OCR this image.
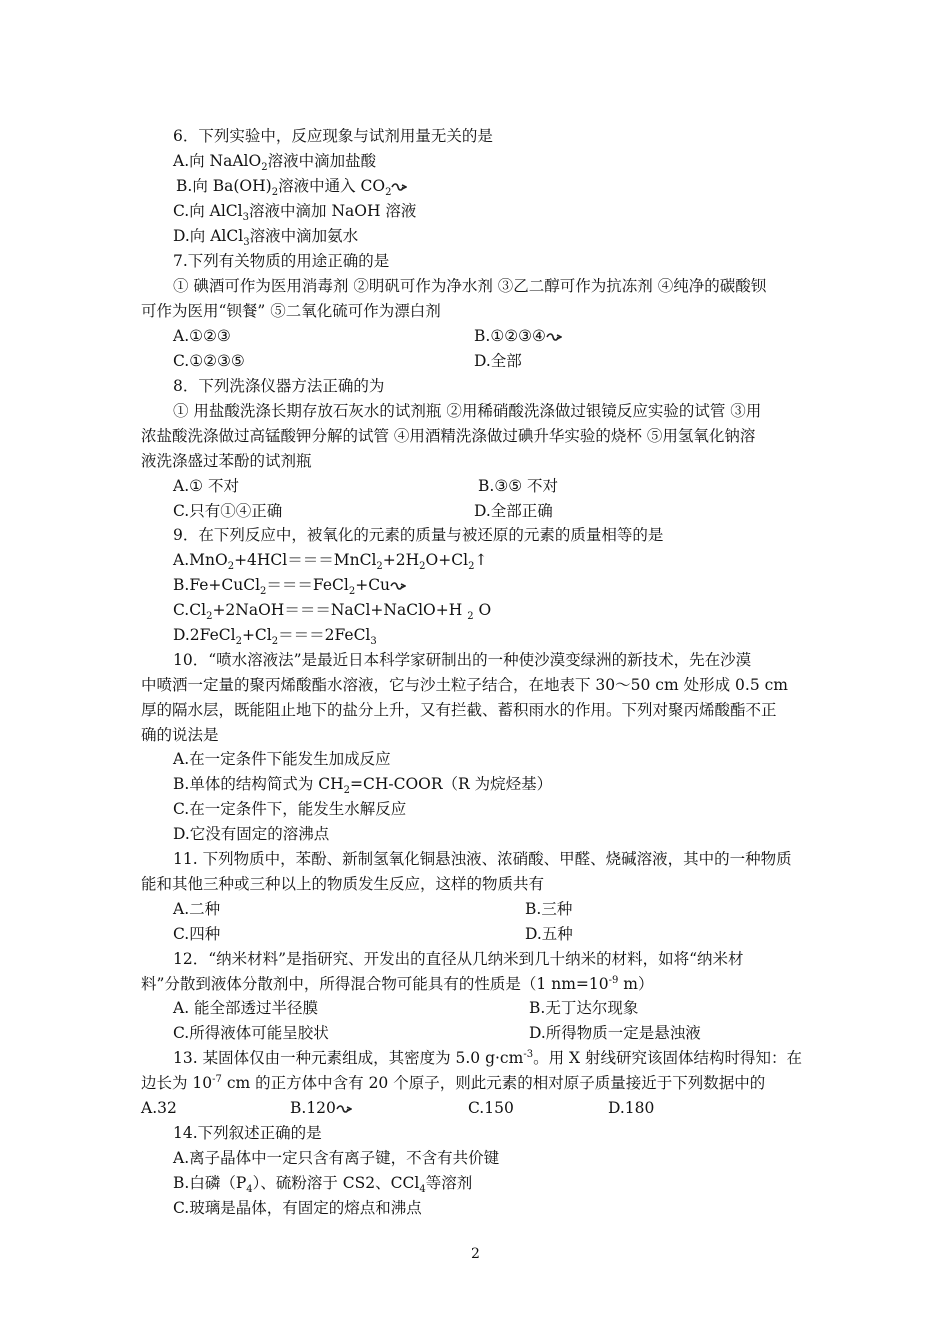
6．下列实验中，反应现象与试剂用量无关的是
A.向 NaAlO$_2$溶液中滴加盐酸
B.向 $Ba(OH)_2$溶液中通入 $CO_2$
C.向 AlCl$_3$溶液中滴加 NaOH 溶液
D.向 AlCl$_3$溶液中滴加氨水
7.下列有关物质的用途正确的是
① 碘酒可作为医用消毒剂 ②明矾可作为净水剂 ③乙二醇可作为抗冻剂 ④纯净的碳酸钡
可作为医用“钡餐” ⑤二氧化硫可作为漂白剂
A.①②③	B.①②③④
C.①②③⑤	D.全部
8．下列洗涤仪器方法正确的为
① 用盐酸洗涤长期存放石灰水的试剂瓶 ②用稀硝酸洗涤做过银镜反应实验的试管 ③用
浓盐酸洗涤做过高锰酸钾分解的试管 ④用酒精洗涤做过碘升华实验的烧杯 ⑤用氢氧化钠溶
液洗涤盛过苯酚的试剂瓶
A.① 不对	B.③⑤ 不对
C.只有①④正确	D.全部正确
9．在下列反应中，被氧化的元素的质量与被还原的元素的质量相等的是
$A.MnO_2+4HCl===MnCl_2+2H_2O+Cl_2↑$
B.Fe+CuCl$_2$＝＝＝FeCl$_2$+Cu
$C.Cl_2+2NaOH===NaCl+NaClO+H$ $_2$ O
$D.2FeCl_2+Cl_2===2FeCl_3$
10．“喷水溶液法”是最近日本科学家研制出的一种使沙漠变绿洲的新技术，先在沙漠
中喷洒一定量的聚丙烯酸酯水溶液，它与沙土粒子结合，在地表下 30～50 cm 处形成 0.5 cm
厚的隔水层，既能阻止地下的盐分上升，又有拦截、蓄积雨水的作用。下列对聚丙烯酸酯不正
确的说法是
A.在一定条件下能发生加成反应
B.单体的结构简式为 $CH_2=CH-COOR(R$ 为烷烃基）
C.在一定条件下，能发生水解反应
D.它没有固定的溶沸点
11. 下列物质中，苯酚、新制氢氧化铜悬浊液、浓硝酸、甲醛、烧碱溶液，其中的一种物质
能和其他三种或三种以上的物质发生反应，这样的物质共有
A.二种	B.三种
C.四种	D.五种
12．“纳米材料”是指研究、开发出的直径从几纳米到几十纳米的材料，如将“纳米材
料”分散到液体分散剂中，所得混合物可能具有的性质是（1 $nm=10^{-9}$ m）
A. 能全部透过半径膜	B.无丁达尔现象
C.所得液体可能呈胶状	D.所得物质一定是悬浊液
13. 某固体仅由一种元素组成，其密度为 5.0 $g\cdot cm^{-3}$。用 X 射线研究该固体结构时得知：在
边长为 $10^{-7}$ cm 的正方体中含有 20 个原子，则此元素的相对原子质量接近于下列数据中的
A.32	B.120	C.150	D.180
14.下列叙述正确的是
A.离子晶体中一定只含有离子键，不含有共价键
B.白磷$(P_4)$、硫粉溶于 CS2、CCl$_4$等溶剂
C.玻璃是晶体，有固定的熔点和沸点
2
